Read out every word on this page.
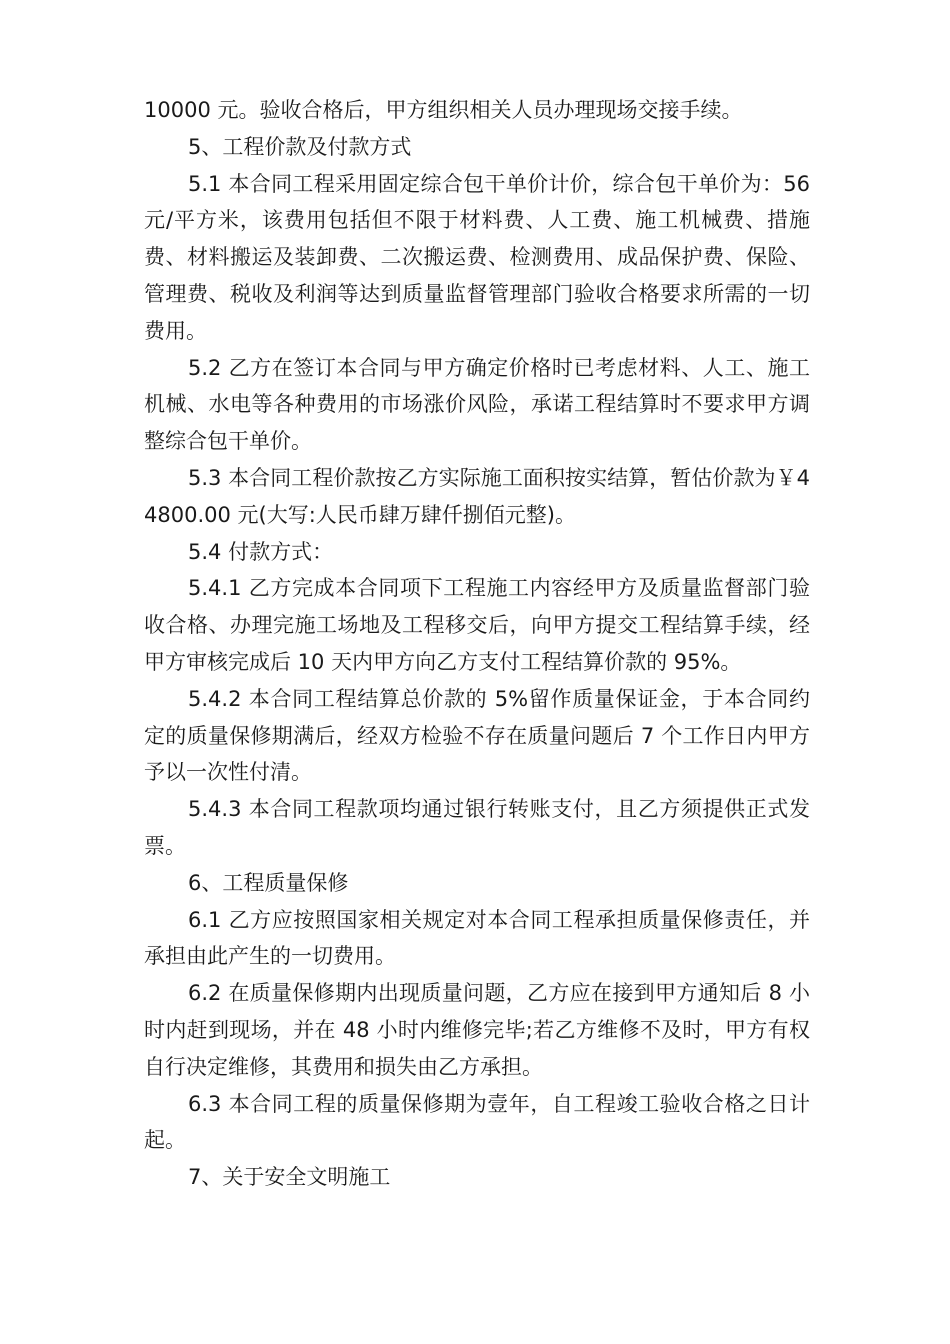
10000 元。验收合格后，甲方组织相关人员办理现场交接手续。

5、工程价款及付款方式

5.1 本合同工程采用固定综合包干单价计价，综合包干单价为：56元/平方米，该费用包括但不限于材料费、人工费、施工机械费、措施费、材料搬运及装卸费、二次搬运费、检测费用、成品保护费、保险、管理费、税收及利润等达到质量监督管理部门验收合格要求所需的一切费用。

5.2 乙方在签订本合同与甲方确定价格时已考虑材料、人工、施工机械、水电等各种费用的市场涨价风险，承诺工程结算时不要求甲方调整综合包干单价。

5.3 本合同工程价款按乙方实际施工面积按实结算，暂估价款为￥44800.00 元(大写:人民币肆万肆仟捌佰元整)。

5.4 付款方式：

5.4.1 乙方完成本合同项下工程施工内容经甲方及质量监督部门验收合格、办理完施工场地及工程移交后，向甲方提交工程结算手续，经甲方审核完成后 10 天内甲方向乙方支付工程结算价款的 95%。

5.4.2 本合同工程结算总价款的 5%留作质量保证金，于本合同约定的质量保修期满后，经双方检验不存在质量问题后 7 个工作日内甲方予以一次性付清。

5.4.3 本合同工程款项均通过银行转账支付，且乙方须提供正式发票。

6、工程质量保修

6.1 乙方应按照国家相关规定对本合同工程承担质量保修责任，并承担由此产生的一切费用。

6.2 在质量保修期内出现质量问题，乙方应在接到甲方通知后 8 小时内赶到现场，并在 48 小时内维修完毕;若乙方维修不及时，甲方有权自行决定维修，其费用和损失由乙方承担。

6.3 本合同工程的质量保修期为壹年，自工程竣工验收合格之日计起。

7、关于安全文明施工
